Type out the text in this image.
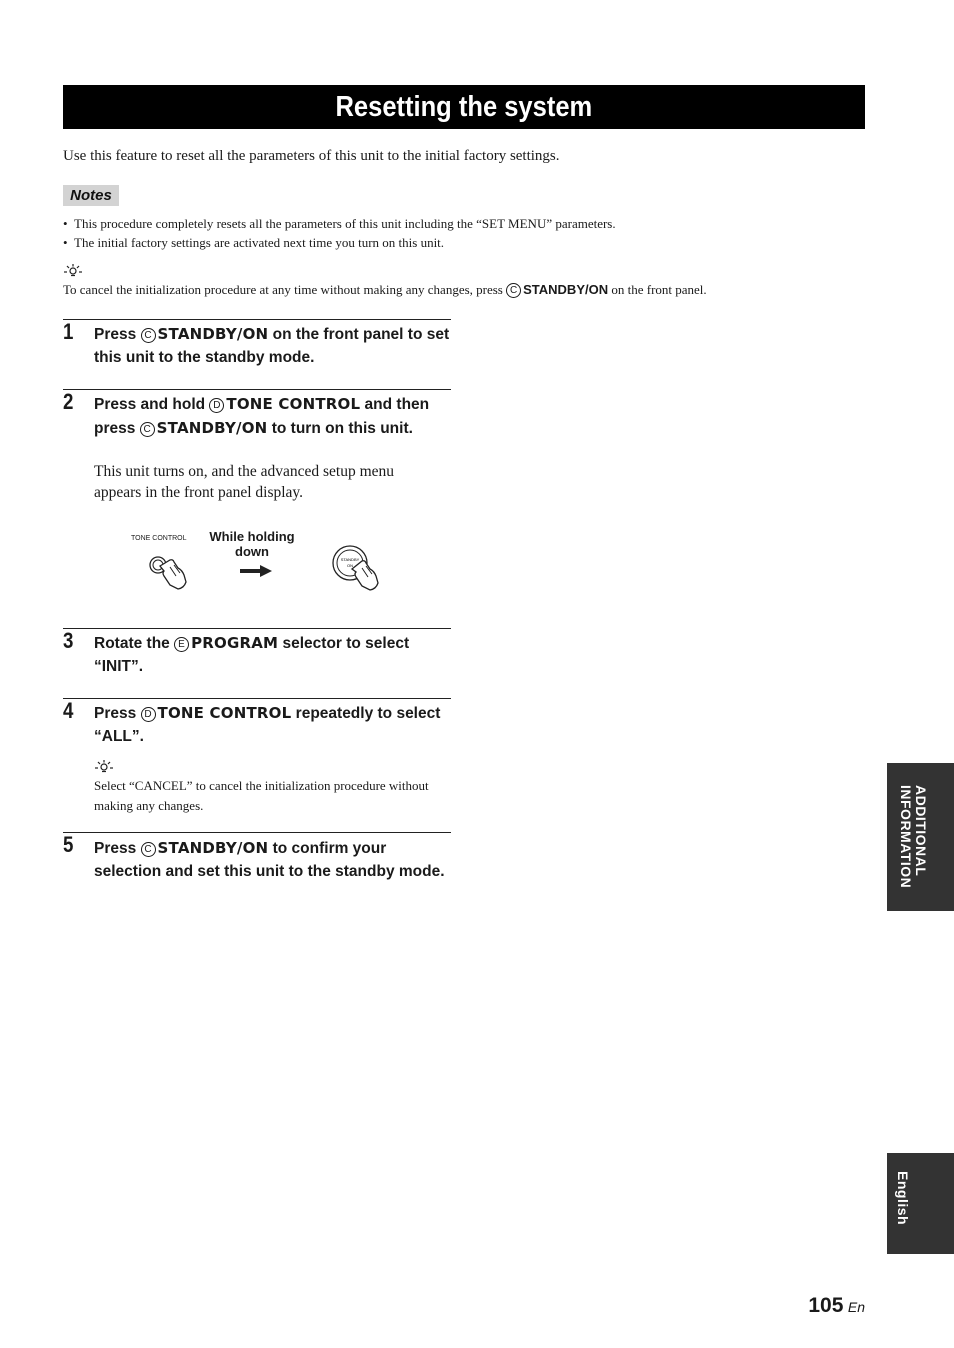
Resetting the system
Use this feature to reset all the parameters of this unit to the initial factory settings.
Notes
• This procedure completely resets all the parameters of this unit including the “SET MENU” parameters.
• The initial factory settings are activated next time you turn on this unit.
To cancel the initialization procedure at any time without making any changes, press C STANDBY/ON on the front panel.
1 Press C STANDBY/ON on the front panel to set this unit to the standby mode.
2 Press and hold D TONE CONTROL and then press C STANDBY/ON to turn on this unit.
This unit turns on, and the advanced setup menu appears in the front panel display.
TONE CONTROL	While holding
down
STANDBY
ON
3 Rotate the E PROGRAM selector to select “INIT”.
4 Press D TONE CONTROL repeatedly to select “ALL”.
Select “CANCEL” to cancel the initialization procedure without making any changes.
5 Press C STANDBY/ON to confirm your selection and set this unit to the standby mode.	ADDITIONAL
INFORMATION
English
105 En
